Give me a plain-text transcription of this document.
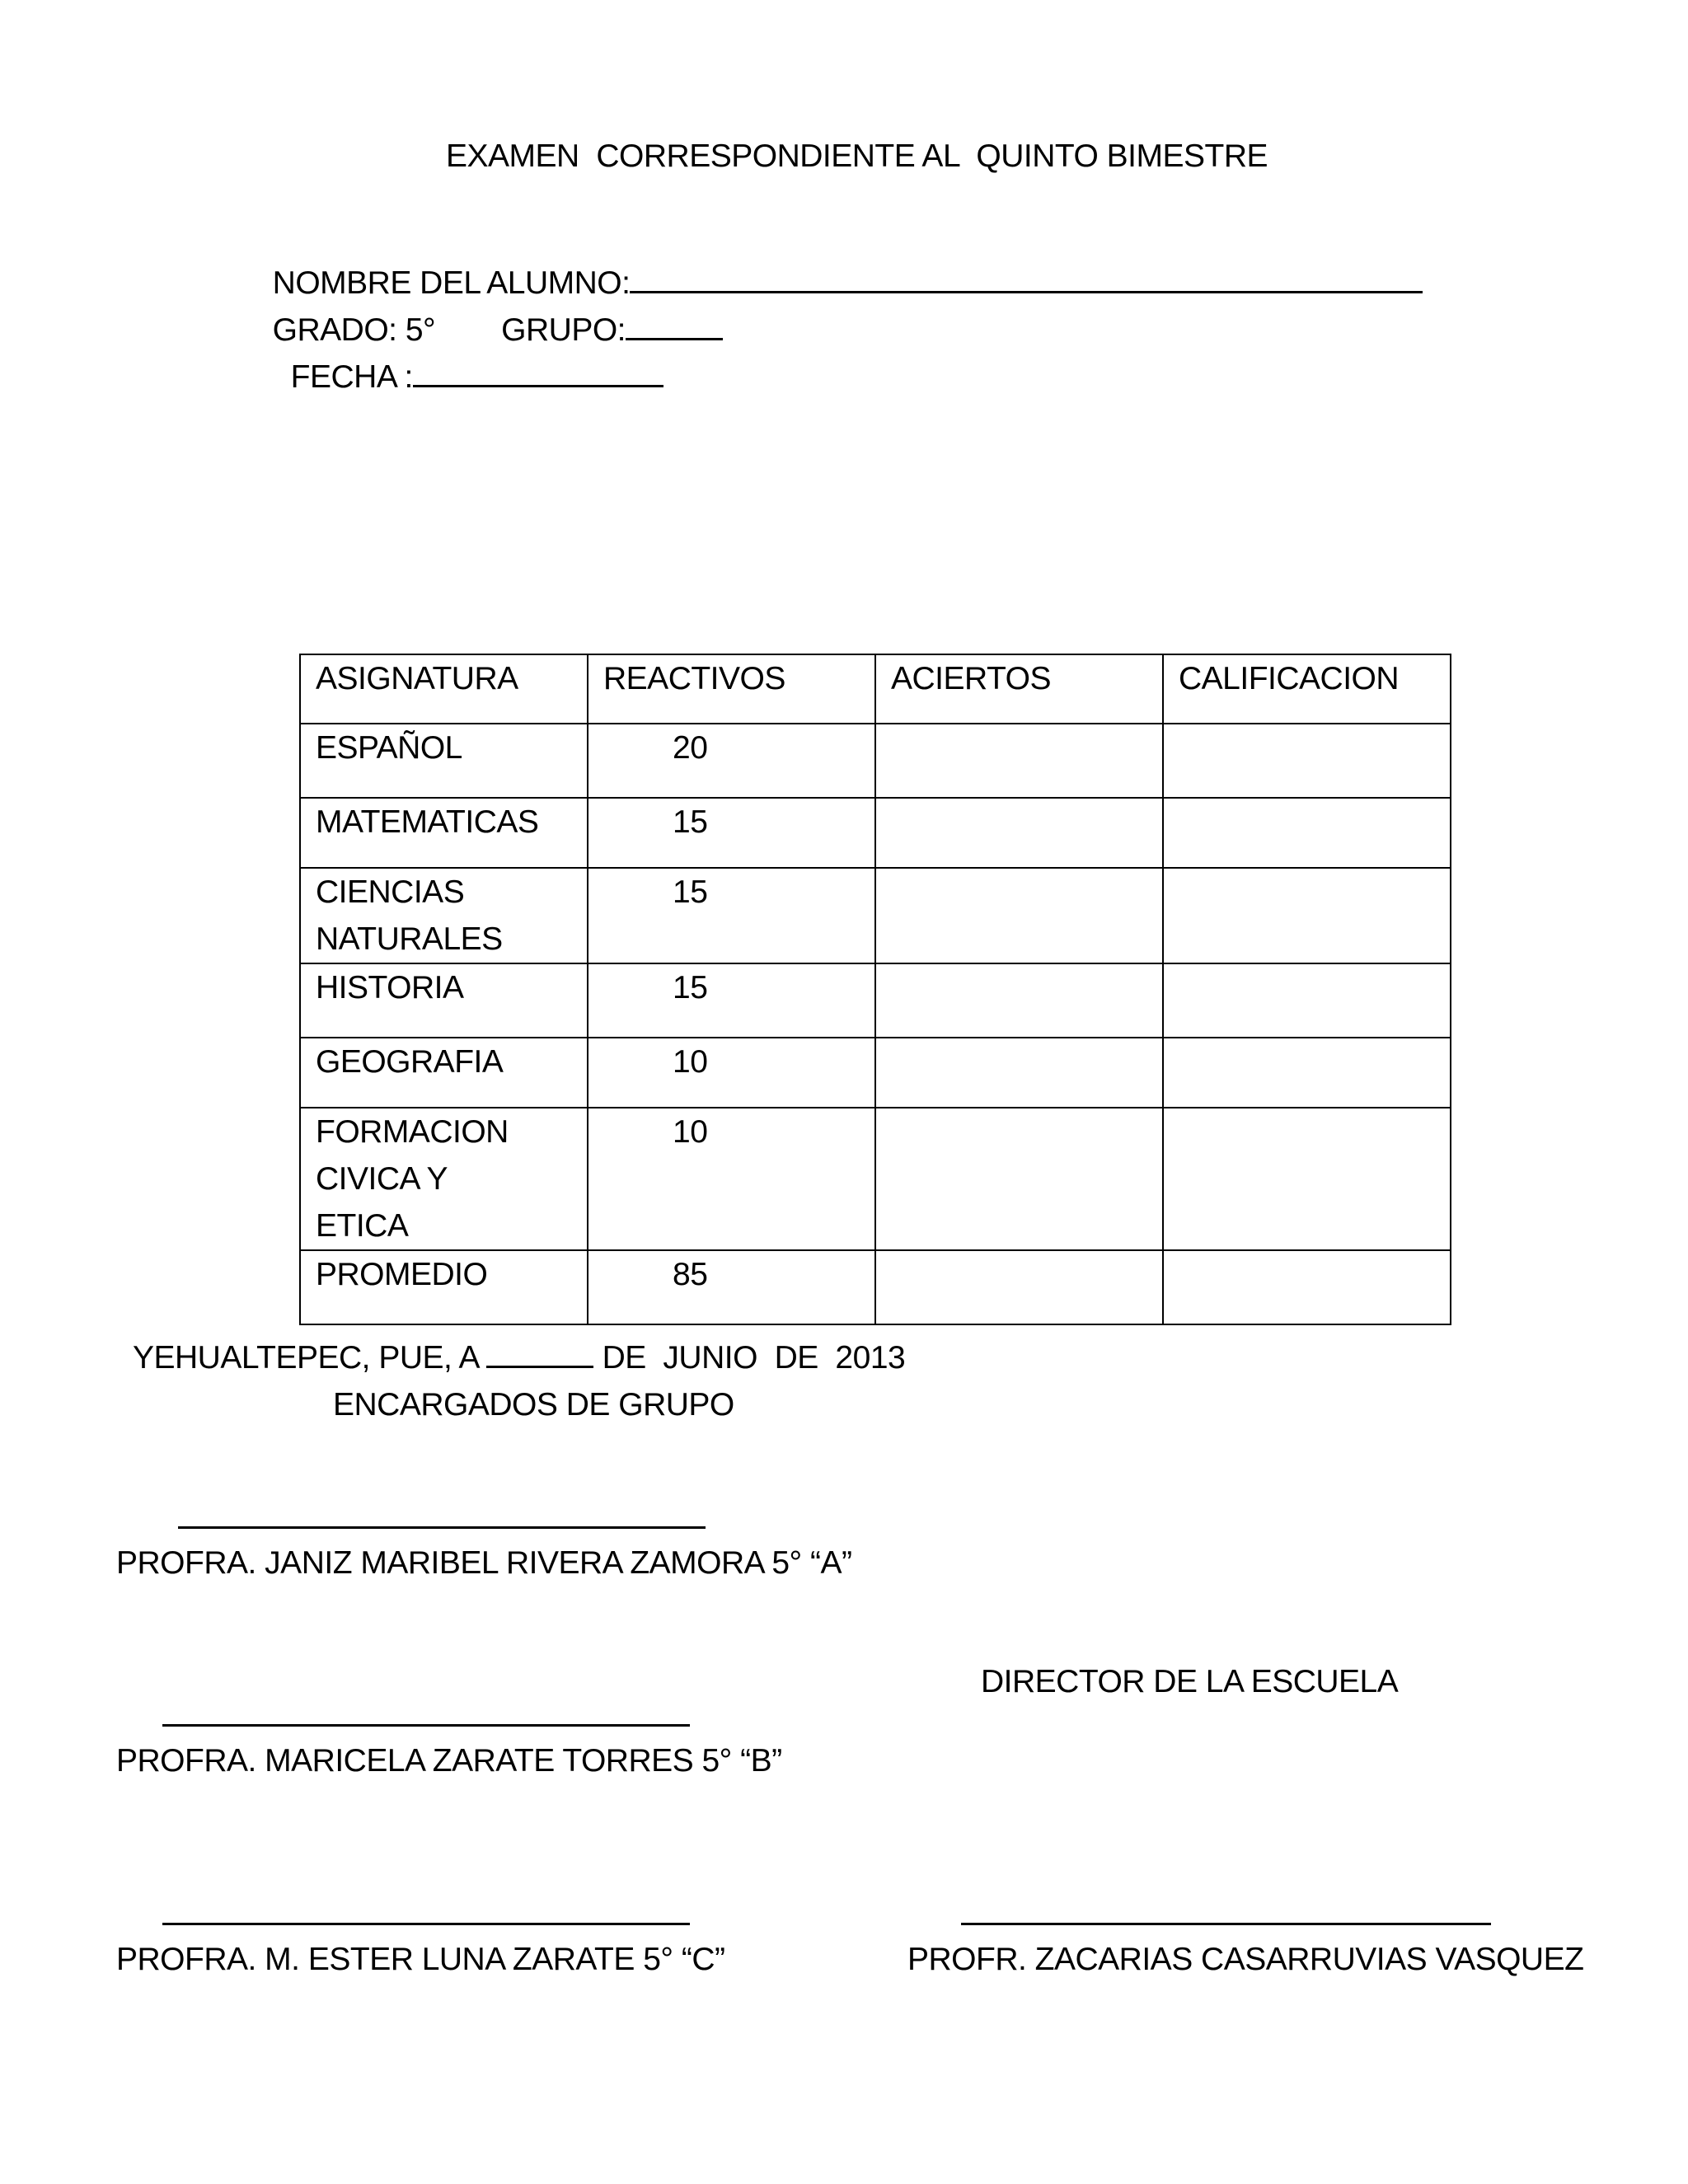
EXAMEN  CORRESPONDIENTE AL  QUINTO BIMESTRE

NOMBRE DEL ALUMNO:

GRADO: 5° GRUPO:

FECHA :

ASIGNATURA	REACTIVOS	ACIERTOS	CALIFICACION
ESPAÑOL	20		
MATEMATICAS	15		
CIENCIAS NATURALES	15		
HISTORIA	15		
GEOGRAFIA	10		
FORMACION CIVICA Y ETICA	10		
PROMEDIO	85		

YEHUALTEPEC, PUE, A	DE  JUNIO  DE  2013

ENCARGADOS DE GRUPO
PROFRA. JANIZ MARIBEL RIVERA ZAMORA 5° “A”
DIRECTOR DE LA ESCUELA
PROFRA. MARICELA ZARATE TORRES 5° “B”
PROFRA. M. ESTER LUNA ZARATE 5° “C”	PROFR. ZACARIAS CASARRUVIAS VASQUEZ
